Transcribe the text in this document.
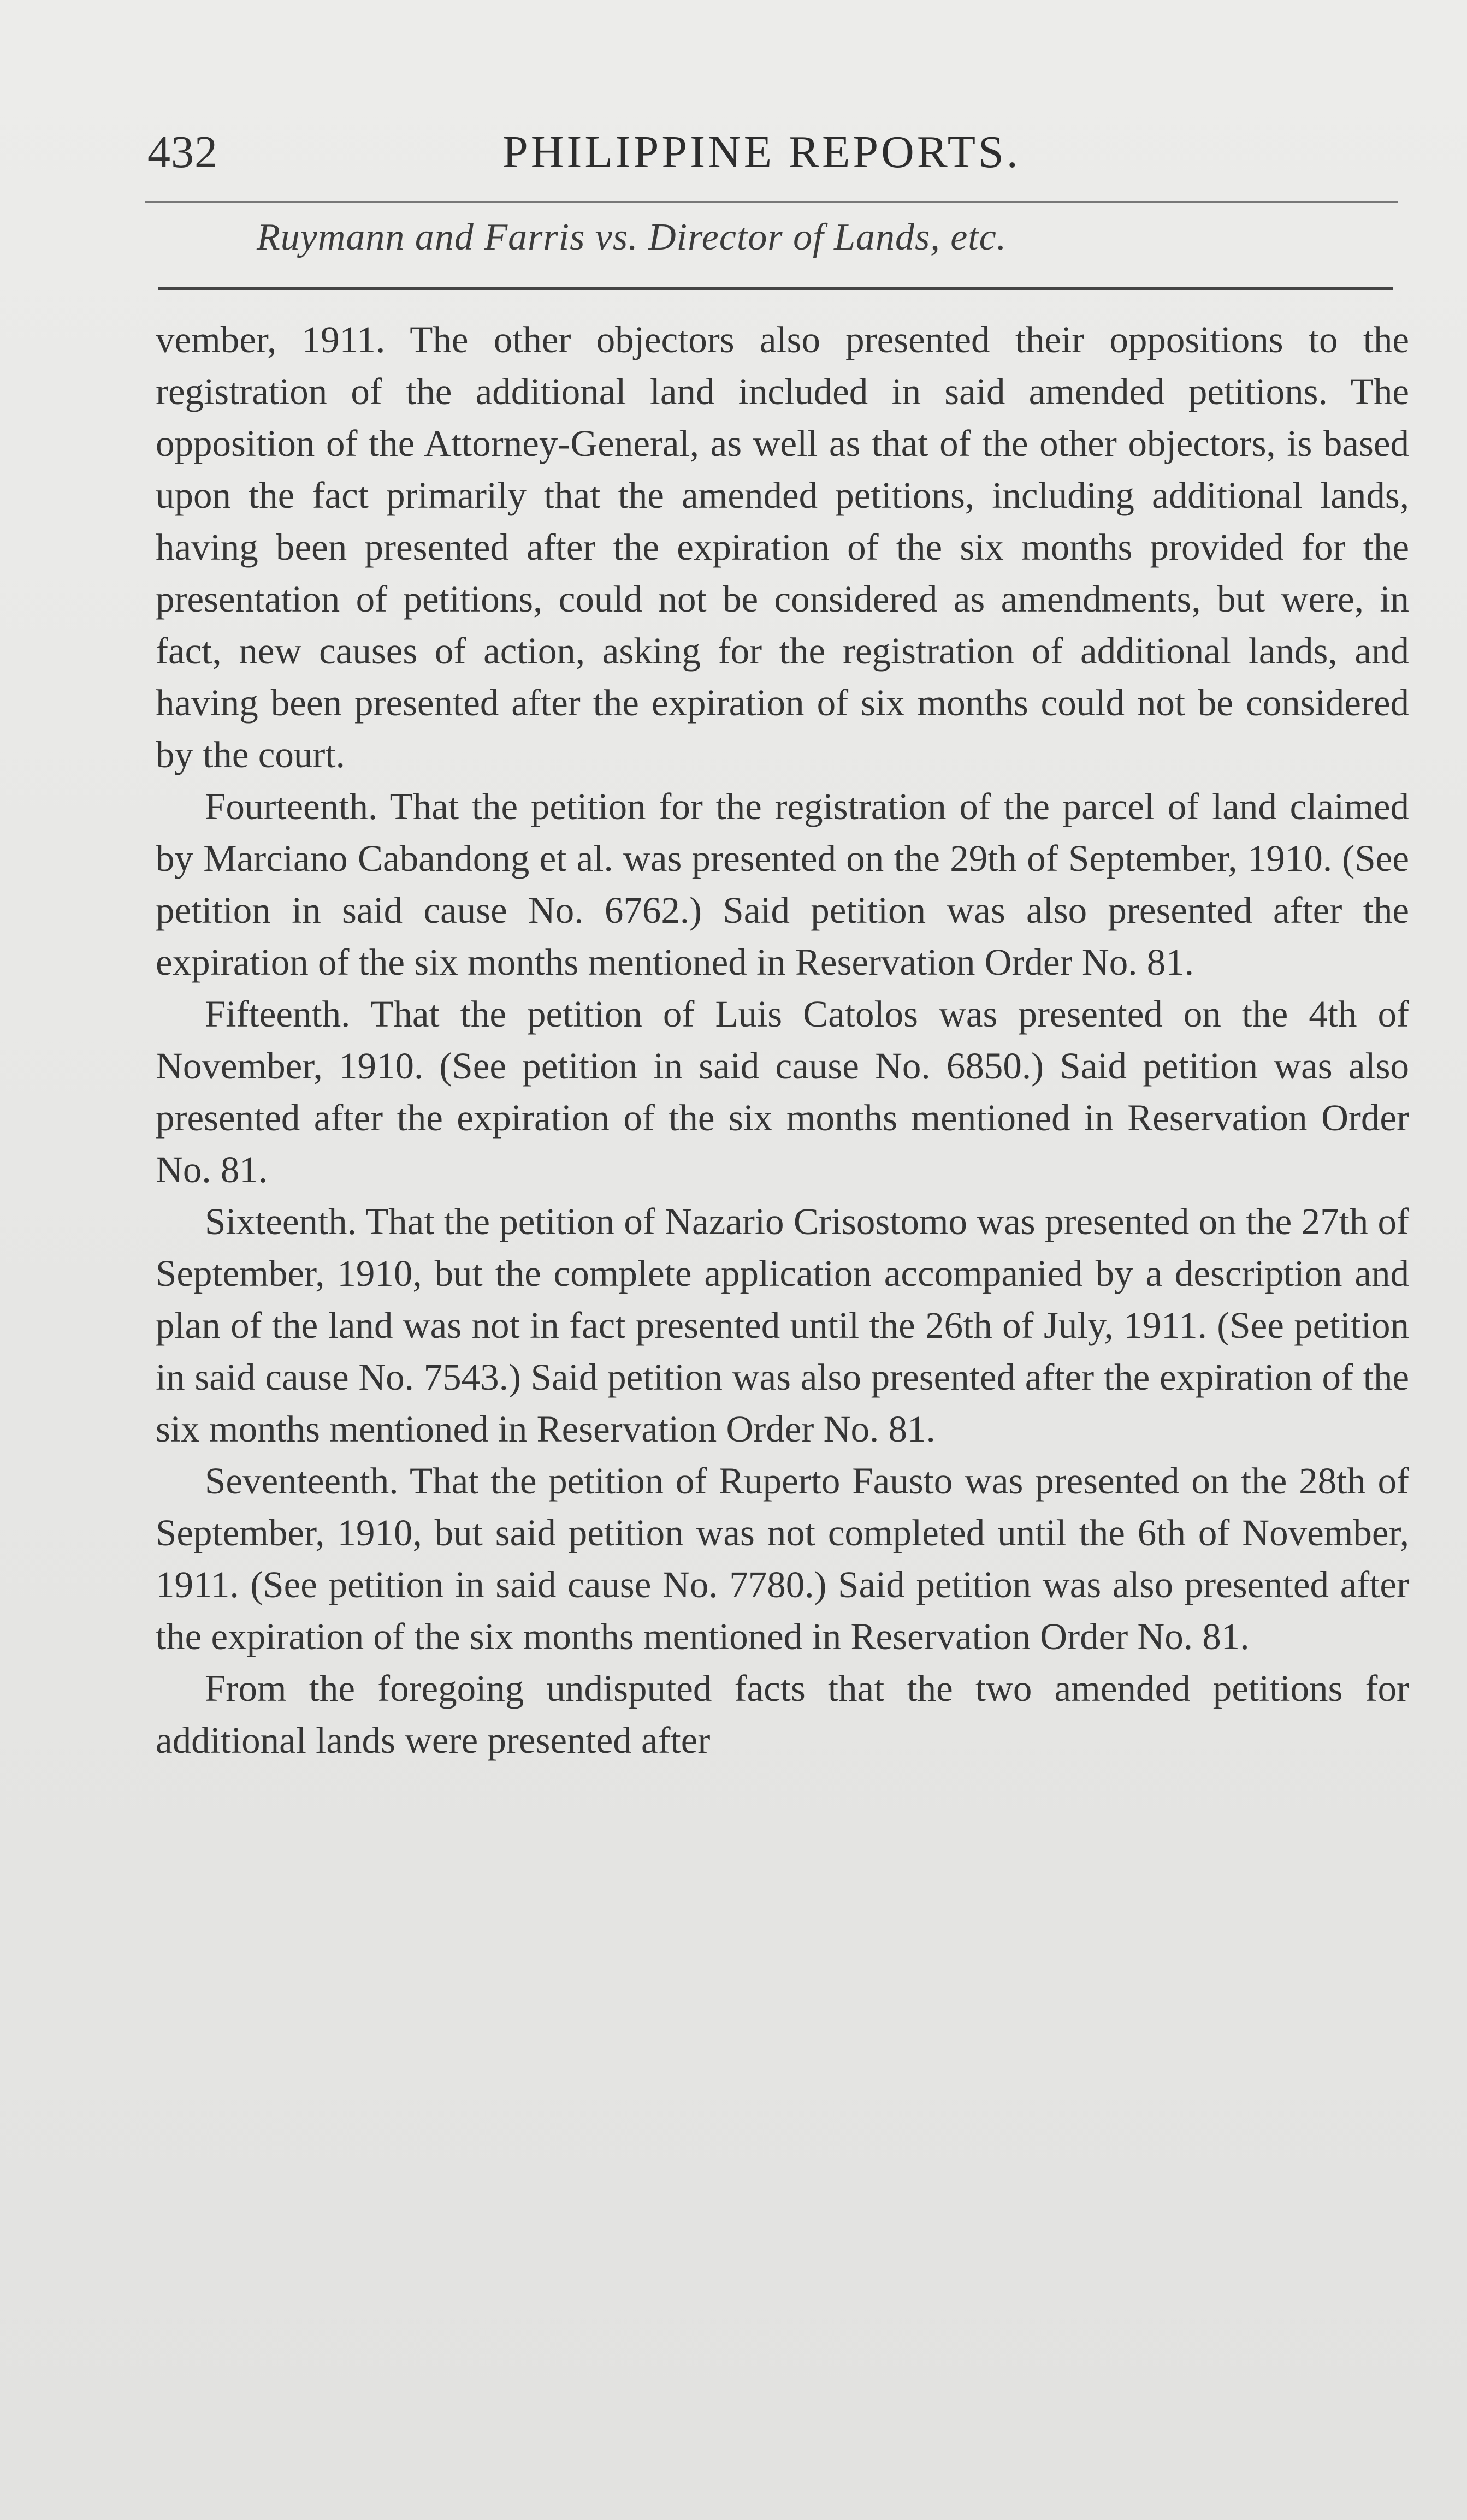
432	PHILIPPINE REPORTS.
Ruymann and Farris vs. Director of Lands, etc.

vember, 1911. The other objectors also presented their oppositions to the registration of the additional land included in said amended petitions. The opposition of the Attorney-General, as well as that of the other objectors, is based upon the fact primarily that the amended petitions, including additional lands, having been presented after the expiration of the six months provided for the presentation of petitions, could not be considered as amendments, but were, in fact, new causes of action, asking for the registration of additional lands, and having been presented after the expiration of six months could not be considered by the court.

Fourteenth. That the petition for the registration of the parcel of land claimed by Marciano Cabandong et al. was presented on the 29th of September, 1910. (See petition in said cause No. 6762.) Said petition was also presented after the expiration of the six months mentioned in Reservation Order No. 81.

Fifteenth. That the petition of Luis Catolos was presented on the 4th of November, 1910. (See petition in said cause No. 6850.) Said petition was also presented after the expiration of the six months mentioned in Reservation Order No. 81.

Sixteenth. That the petition of Nazario Crisostomo was presented on the 27th of September, 1910, but the complete application accompanied by a description and plan of the land was not in fact presented until the 26th of July, 1911. (See petition in said cause No. 7543.) Said petition was also presented after the expiration of the six months mentioned in Reservation Order No. 81.

Seventeenth. That the petition of Ruperto Fausto was presented on the 28th of September, 1910, but said petition was not completed until the 6th of November, 1911. (See petition in said cause No. 7780.) Said petition was also presented after the expiration of the six months mentioned in Reservation Order No. 81.

From the foregoing undisputed facts that the two amended petitions for additional lands were presented after
